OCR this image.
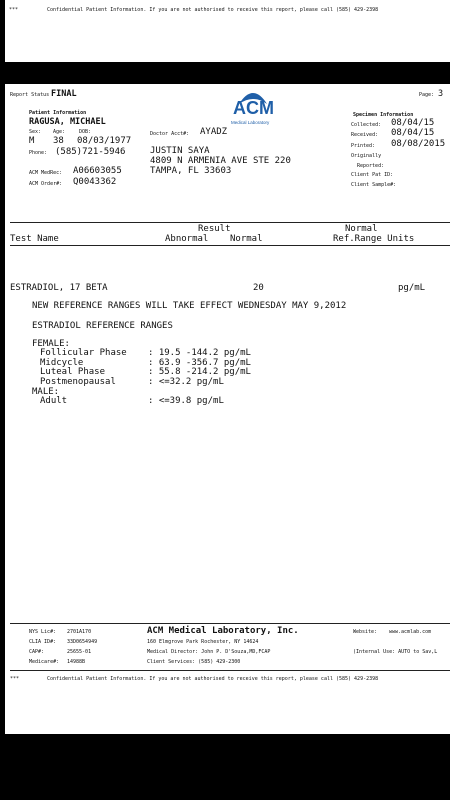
***	Confidential Patient Information. If you are not authorised to receive this report, please call (585) 429-2398
Report Status FINAL	Page: 3
ACM
Medical Laboratory
Patient Information
RAGUSA, MICHAEL
Sex: Age:	DOB:
M 38 08/03/1977
Phone: (585)721-5946
ACM MedRec: A06603055
ACM Order#: Q0043362
Doctor Acct#: AYADZ
JUSTIN SAYA
4809 N ARMENIA AVE STE 220
TAMPA, FL 33603
Specimen Information
Collected: 08/04/15
Received: 08/04/15
Printed: 08/08/2015
Originally
Reported:
Client Pat ID:
Client Sample#:
Result	Normal
Test Name	Abnormal Normal	Ref.Range Units
ESTRADIOL, 17 BETA	20	pg/mL
NEW REFERENCE RANGES WILL TAKE EFFECT WEDNESDAY MAY 9,2012
ESTRADIOL REFERENCE RANGES
FEMALE:
Follicular Phase : 19.5 -144.2 pg/mL
Midcycle	: 63.9 -356.7 pg/mL
Luteal Phase	: 55.8 -214.2 pg/mL
Postmenopausal	: <=32.2 pg/mL
MALE:
Adult	: <=39.8 pg/mL
NYS Lic#: 2701A170
CLIA ID#: 33D0654949
CAP#:	25655-01
Medicare#: 14988B
ACM Medical Laboratory, Inc.
160 Elmgrove Park Rochester, NY 14624
Medical Director: John P. D'Souza,MD,FCAP
Client Services: (585) 429-2300
Website: www.acmlab.com
(Internal Use: AUTO to Sav,L
***	Confidential Patient Information. If you are not authorised to receive this report, please call (585) 429-2398
